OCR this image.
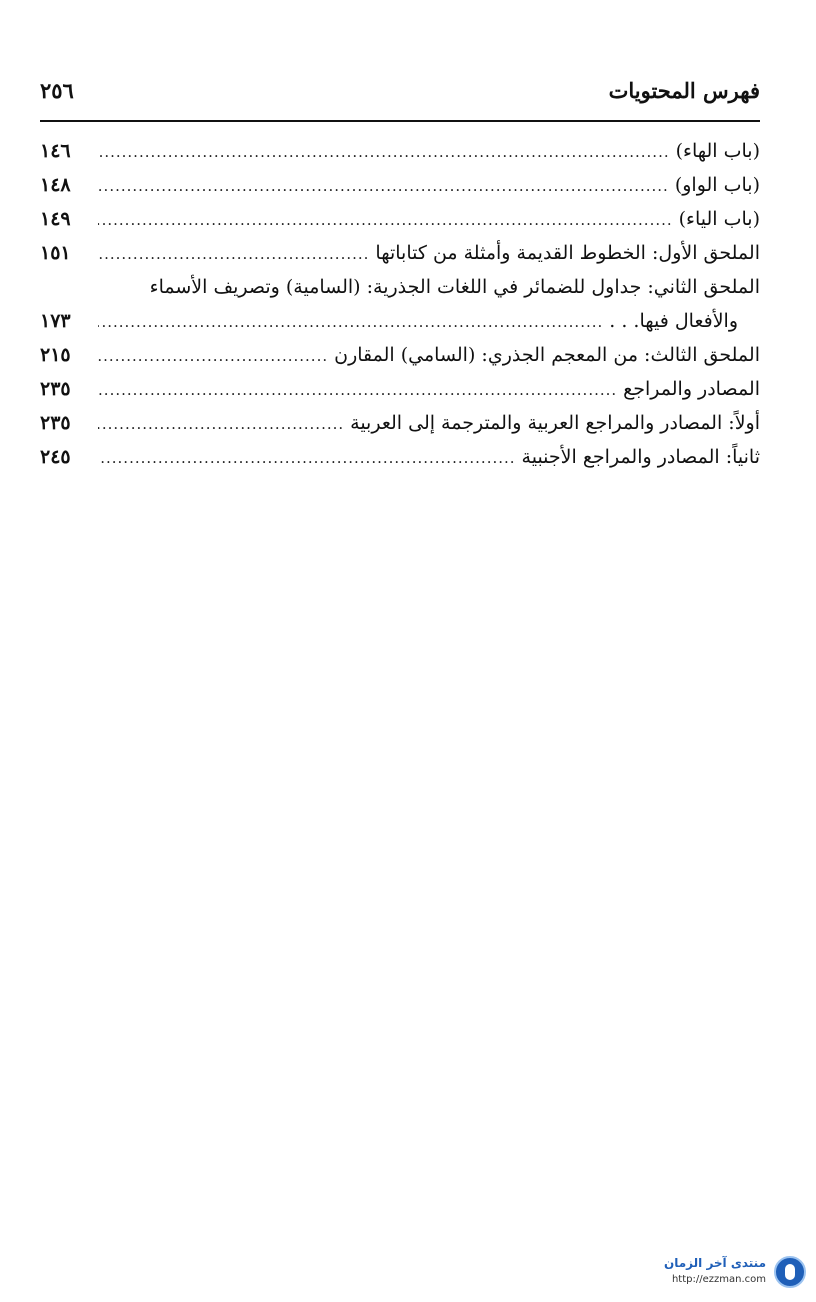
فهرس المحتويات
٢٥٦
(باب الهاء)
.....
١٤٦
(باب الواو)
.....
١٤٨
(باب الياء)
.....
١٤٩
الملحق الأول: الخطوط القديمة وأمثلة من كتاباتها
.....
١٥١
الملحق الثاني: جداول للضمائر في اللغات الجذرية: (السامية) وتصريف الأسماء
والأفعال فيها. . .
.....
١٧٣
الملحق الثالث: من المعجم الجذري: (السامي) المقارن
.....
٢١٥
المصادر والمراجع
.....
٢٣٥
أولاً: المصادر والمراجع العربية والمترجمة إلى العربية
.....
٢٣٥
ثانياً: المصادر والمراجع الأجنبية
.....
٢٤٥
منتدى آخر الزمان
http://ezzman.com
